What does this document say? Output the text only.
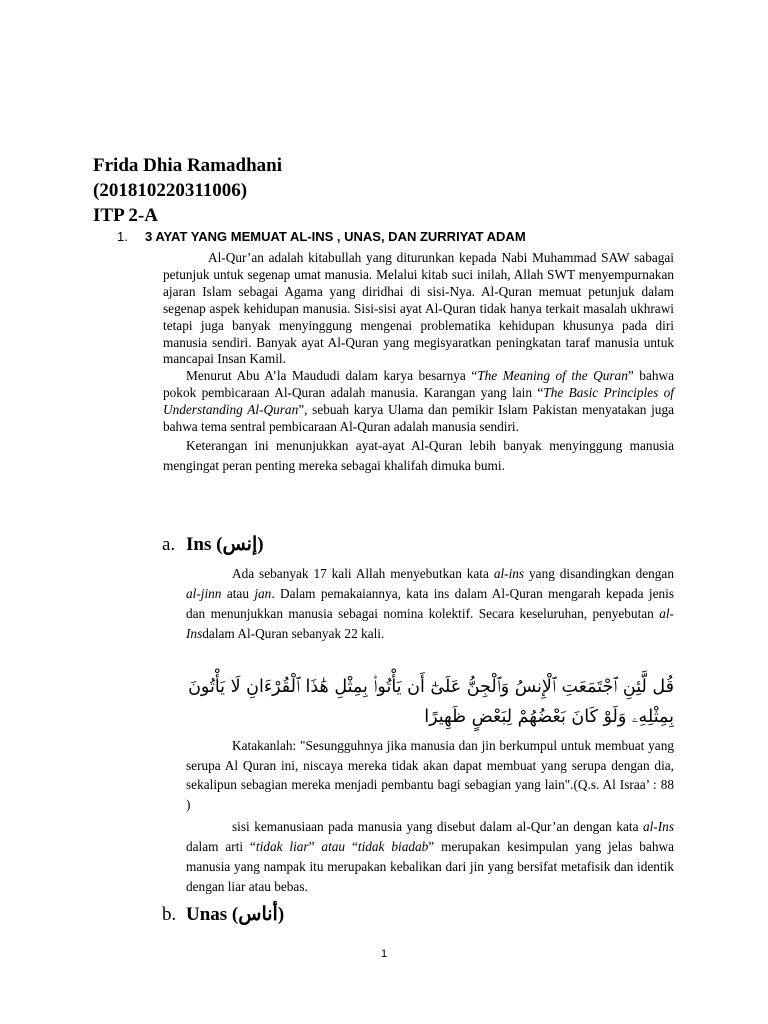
Frida Dhia Ramadhani
(201810220311006)
ITP 2-A
1. 3 AYAT YANG MEMUAT AL-INS , UNAS, DAN ZURRIYAT ADAM

Al-Qur’an adalah kitabullah yang diturunkan kepada Nabi Muhammad SAW sabagai petunjuk untuk segenap umat manusia. Melalui kitab suci inilah, Allah SWT menyempurnakan ajaran Islam sebagai Agama yang diridhai di sisi-Nya. Al-Quran memuat petunjuk dalam segenap aspek kehidupan manusia. Sisi-sisi ayat Al-Quran tidak hanya terkait masalah ukhrawi tetapi juga banyak menyinggung mengenai problematika kehidupan khusunya pada diri manusia sendiri. Banyak ayat Al-Quran yang megisyaratkan peningkatan taraf manusia untuk mancapai Insan Kamil.

Menurut Abu A’la Maududi dalam karya besarnya “The Meaning of the Quran” bahwa pokok pembicaraan Al-Quran adalah manusia. Karangan yang lain “The Basic Principles of Understanding Al-Quran”, sebuah karya Ulama dan pemikir Islam Pakistan menyatakan juga bahwa tema sentral pembicaraan Al-Quran adalah manusia sendiri.

Keterangan ini menunjukkan ayat-ayat Al-Quran lebih banyak menyinggung manusia mengingat peran penting mereka sebagai khalifah dimuka bumi.

a. Ins (إنس)

Ada sebanyak 17 kali Allah menyebutkan kata al-ins yang disandingkan dengan al-jinn atau jan. Dalam pemakaiannya, kata ins dalam Al-Quran mengarah kepada jenis dan menunjukkan manusia sebagai nomina kolektif. Secara keseluruhan, penyebutan al-Insdalam Al-Quran sebanyak 22 kali.

قُل لَّئِنِ ٱجْتَمَعَتِ ٱلْإِنسُ وَٱلْجِنُّ عَلَىٰٓ أَن يَأْتُوا۟ بِمِثْلِ هَٰذَا ٱلْقُرْءَانِ لَا يَأْتُونَ بِمِثْلِهِۦ وَلَوْ كَانَ بَعْضُهُمْ لِبَعْضٍ ظَهِيرًا

Katakanlah: "Sesungguhnya jika manusia dan jin berkumpul untuk membuat yang serupa Al Quran ini, niscaya mereka tidak akan dapat membuat yang serupa dengan dia, sekalipun sebagian mereka menjadi pembantu bagi sebagian yang lain".(Q.s. Al Israa’ : 88 )

sisi kemanusiaan pada manusia yang disebut dalam al-Qur’an dengan kata al-Ins dalam arti “tidak liar” atau “tidak biadab” merupakan kesimpulan yang jelas bahwa manusia yang nampak itu merupakan kebalikan dari jin yang bersifat metafisik dan identik dengan liar atau bebas.

b. Unas (أناس)
1
